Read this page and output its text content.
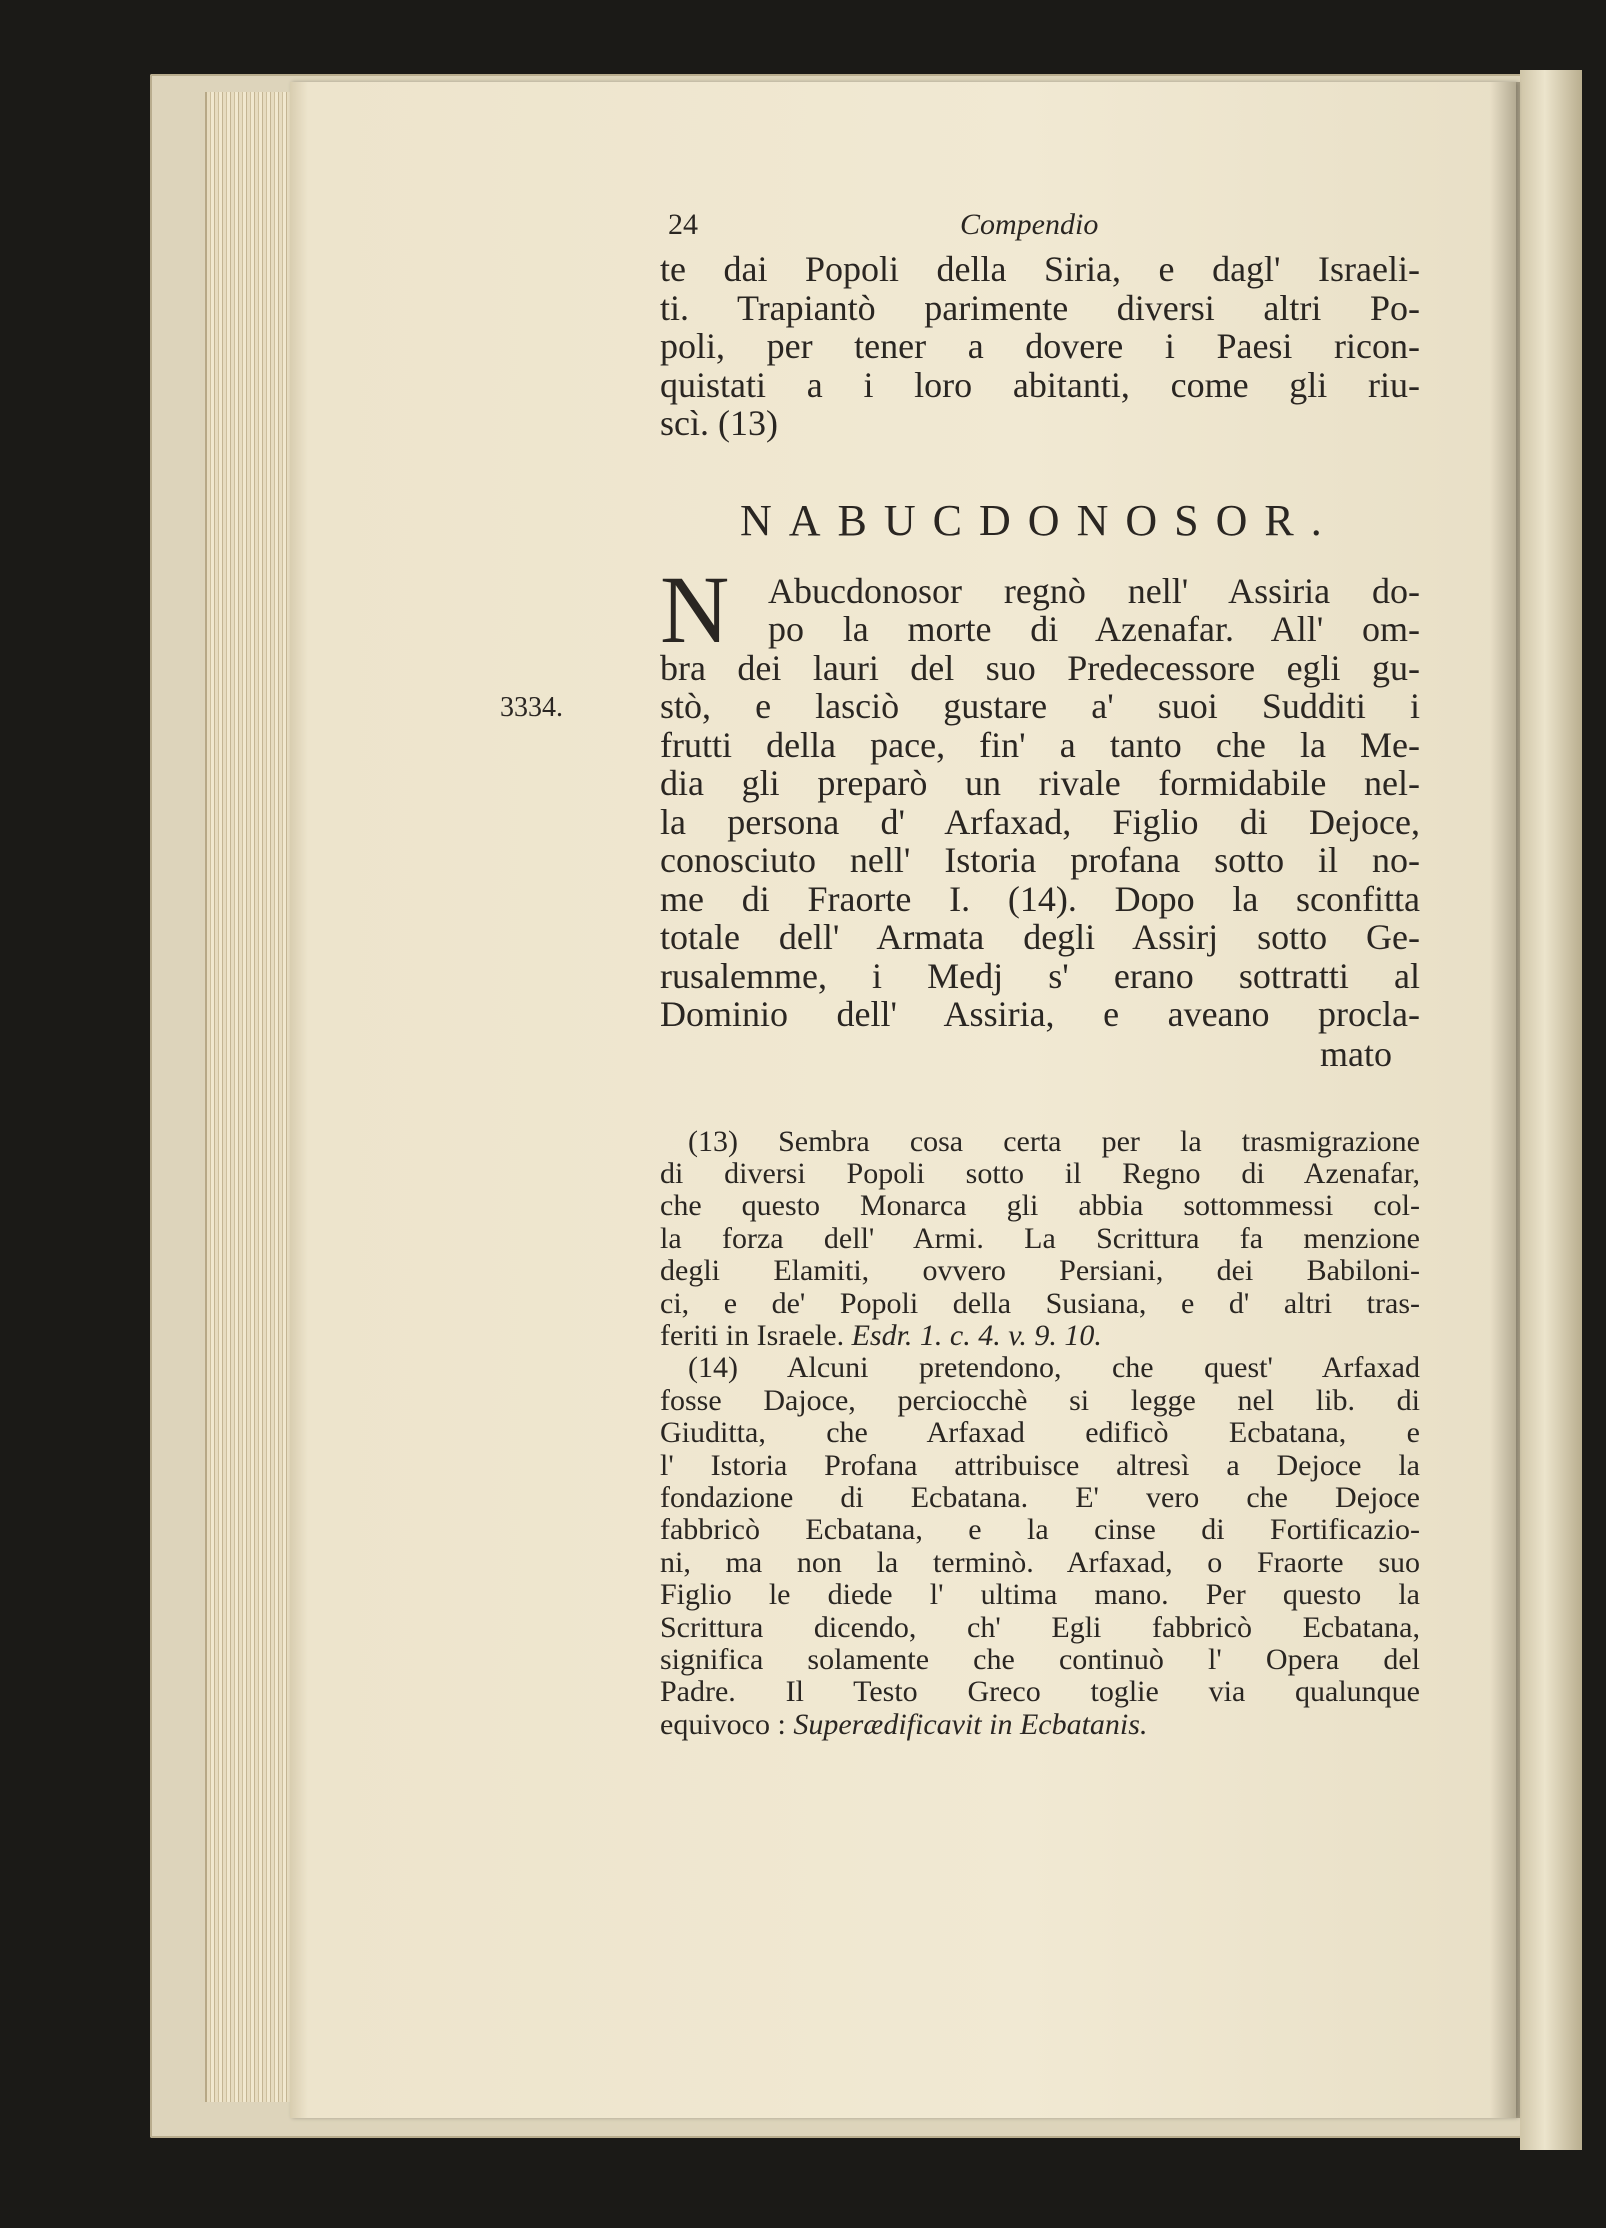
3334.
24	Compendio
te dai Popoli della Siria, e dagl' Israeli-
ti. Trapiantò parimente diversi altri Po-
poli, per tener a dovere i Paesi ricon-
quistati a i loro abitanti, come gli riu-
scì. (13)
NABUCDONOSOR.
N	Abucdonosor regnò nell' Assiria do-
po la morte di Azenafar. All' om-
bra dei lauri del suo Predecessore egli gu-
stò, e lasciò gustare a' suoi Sudditi i
frutti della pace, fin' a tanto che la Me-
dia gli preparò un rivale formidabile nel-
la persona d' Arfaxad, Figlio di Dejoce,
conosciuto nell' Istoria profana sotto il no-
me di Fraorte I. (14). Dopo la sconfitta
totale dell' Armata degli Assirj sotto Ge-
rusalemme, i Medj s' erano sottratti al
Dominio dell' Assiria, e aveano procla-
mato
(13) Sembra cosa certa per la trasmigrazione
di diversi Popoli sotto il Regno di Azenafar,
che questo Monarca gli abbia sottommessi col-
la forza dell' Armi. La Scrittura fa menzione
degli Elamiti, ovvero Persiani, dei Babiloni-
ci, e de' Popoli della Susiana, e d' altri tras-
feriti in Israele. Esdr. 1. c. 4. v. 9. 10.
(14) Alcuni pretendono, che quest' Arfaxad
fosse Dajoce, perciocchè si legge nel lib. di
Giuditta, che Arfaxad edificò Ecbatana, e
l' Istoria Profana attribuisce altresì a Dejoce la
fondazione di Ecbatana. E' vero che Dejoce
fabbricò Ecbatana, e la cinse di Fortificazio-
ni, ma non la terminò. Arfaxad, o Fraorte suo
Figlio le diede l' ultima mano. Per questo la
Scrittura dicendo, ch' Egli fabbricò Ecbatana,
significa solamente che continuò l' Opera del
Padre. Il Testo Greco toglie via qualunque
equivoco : Superædificavit in Ecbatanis.
